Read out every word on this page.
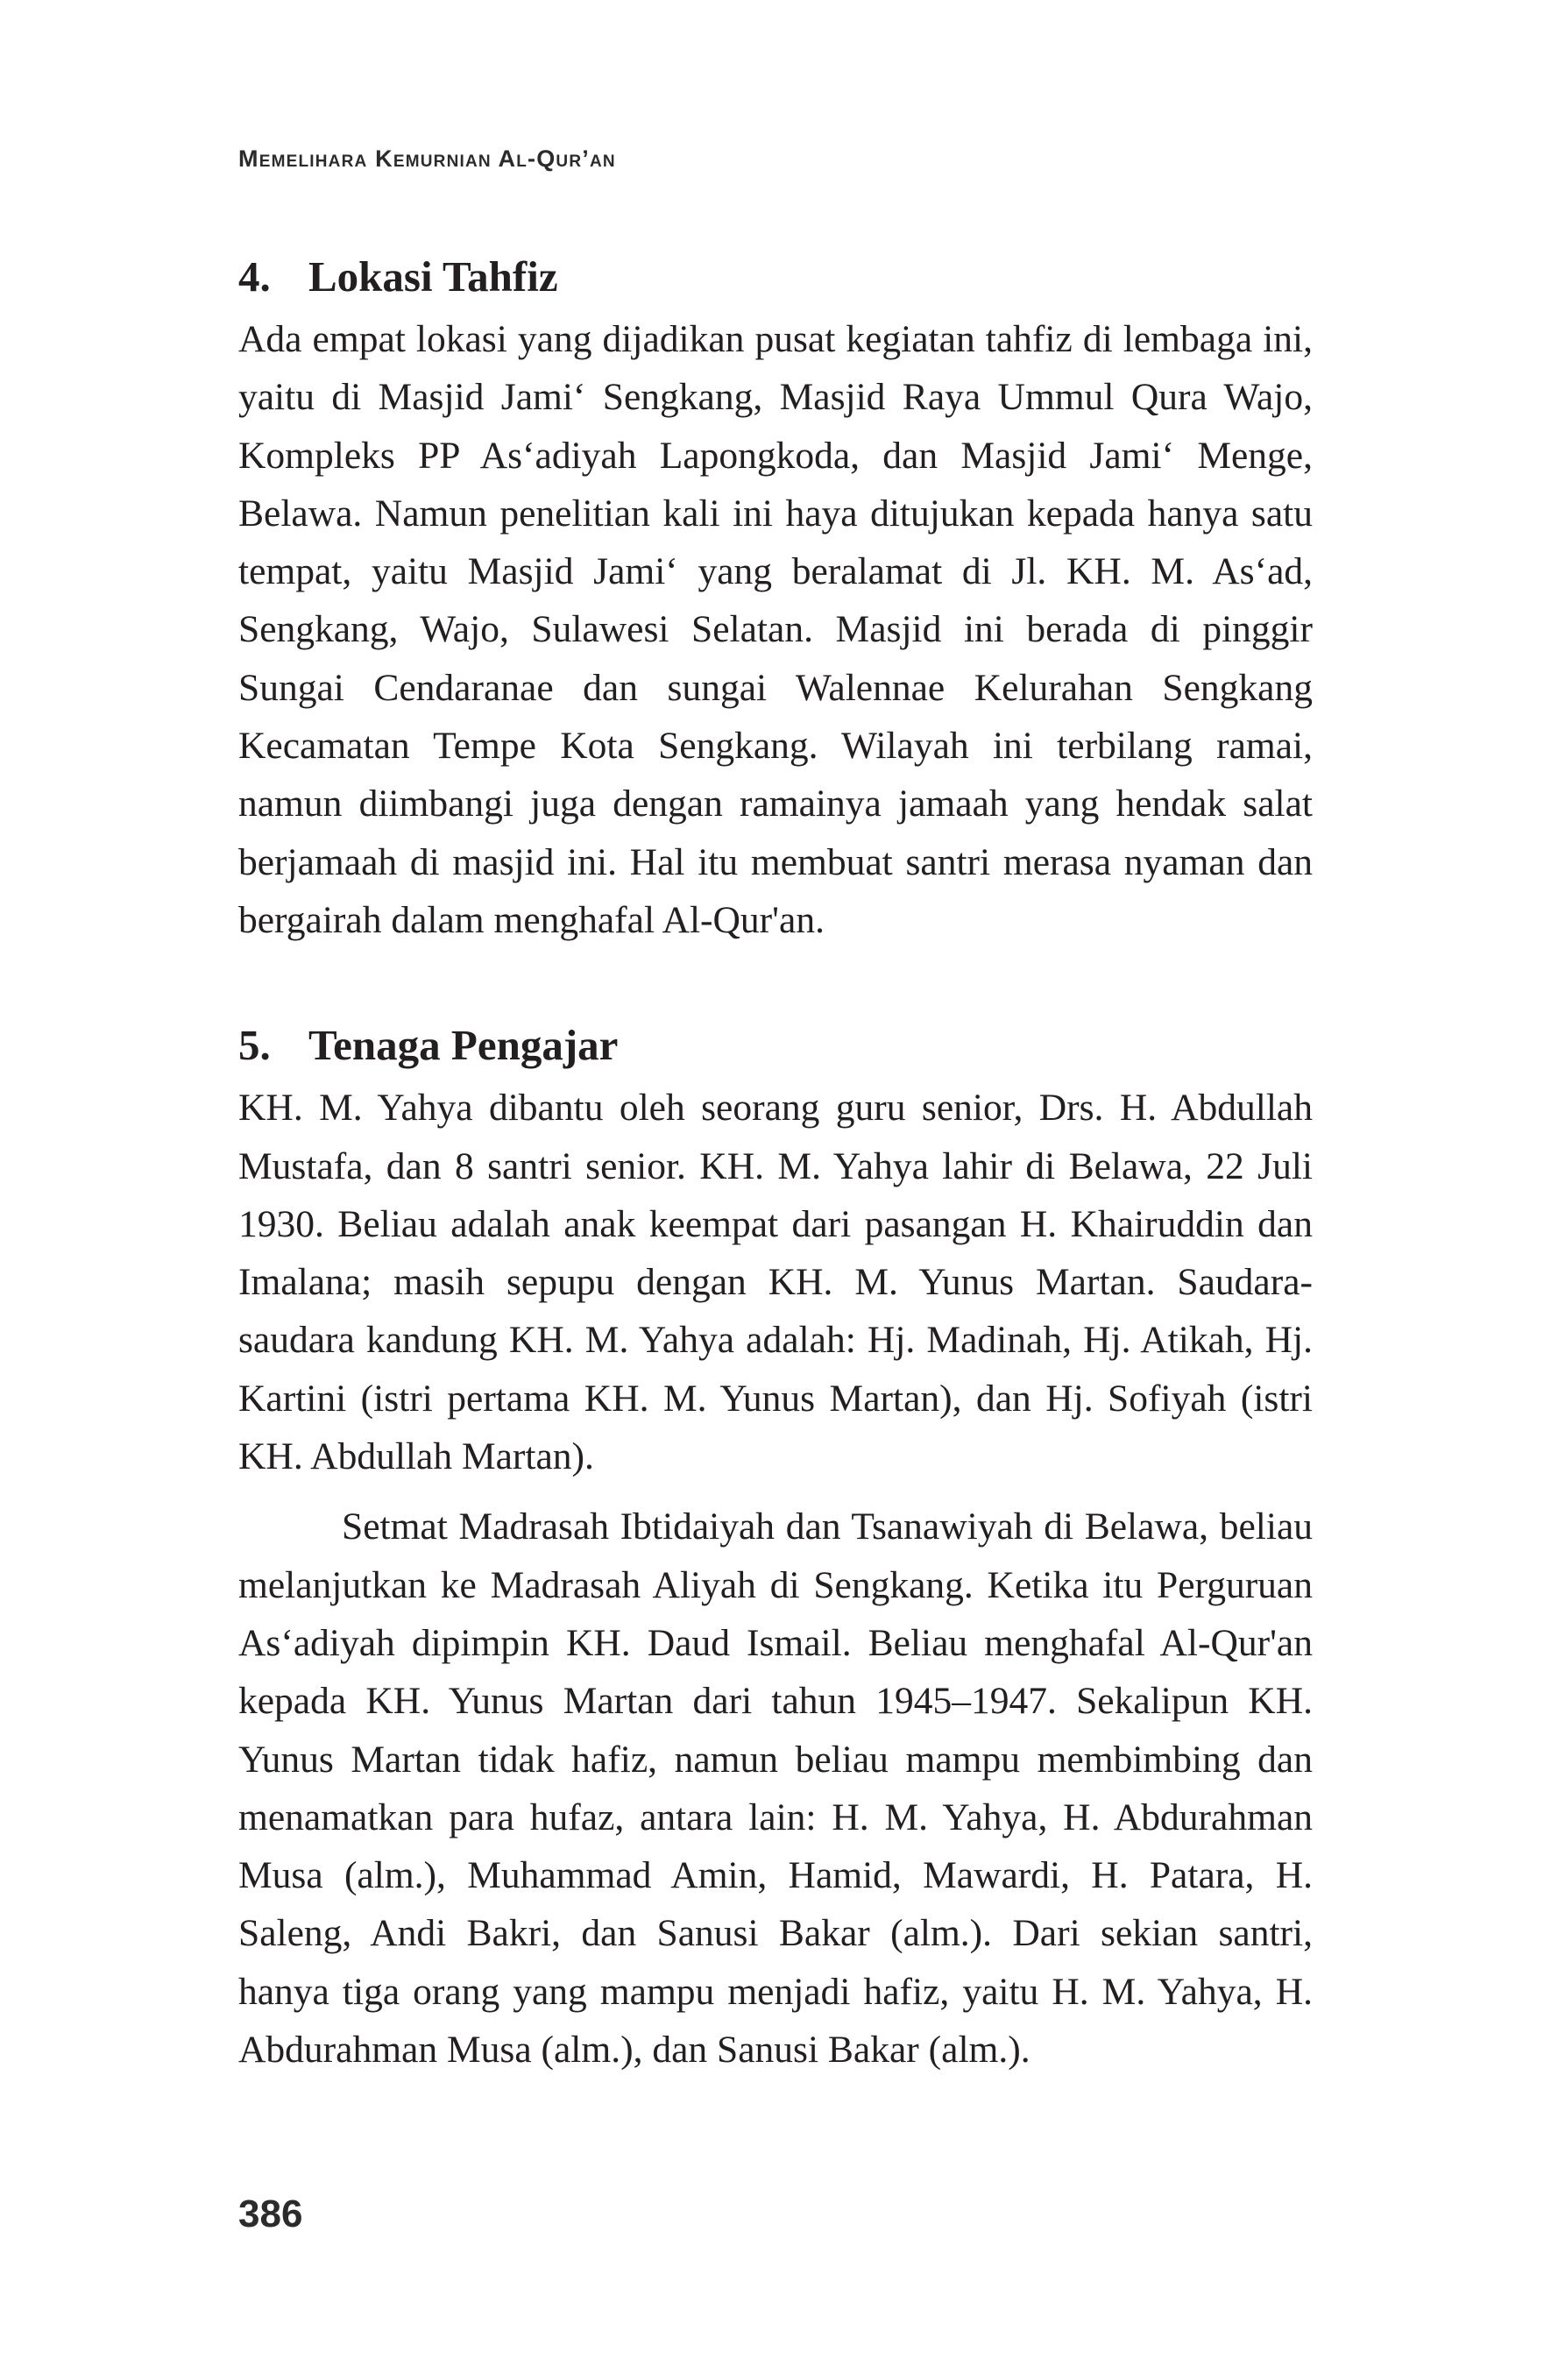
Memelihara Kemurnian Al-Qur’an
4. Lokasi Tahfiz

Ada empat lokasi yang dijadikan pusat kegiatan tahfiz di lembaga ini, yaitu di Masjid Jami‘ Sengkang, Masjid Raya Ummul Qura Wajo, Kompleks PP As‘adiyah Lapongkoda, dan Masjid Jami‘ Menge, Belawa. Namun penelitian kali ini haya ditujukan kepada hanya satu tempat, yaitu Masjid Jami‘ yang beralamat di Jl. KH. M. As‘ad, Sengkang, Wajo, Sulawesi Selatan. Masjid ini berada di pinggir Sungai Cendaranae dan sungai Walennae Kelurahan Sengkang Kecamatan Tempe Kota Sengkang. Wilayah ini terbilang ramai, namun diimbangi juga dengan ramainya jamaah yang hendak salat berjamaah di masjid ini. Hal itu membuat santri merasa nyaman dan bergairah dalam menghafal Al-Qur'an.

5. Tenaga Pengajar

KH. M. Yahya dibantu oleh seorang guru senior, Drs. H. Abdullah Mustafa, dan 8 santri senior. KH. M. Yahya lahir di Belawa, 22 Juli 1930. Beliau adalah anak keempat dari pasangan H. Khairuddin dan Imalana; masih sepupu dengan KH. M. Yunus Martan. Saudara-saudara kandung KH. M. Yahya adalah: Hj. Madinah, Hj. Atikah, Hj. Kartini (istri pertama KH. M. Yunus Martan), dan Hj. Sofiyah (istri KH. Abdullah Martan).

Setmat Madrasah Ibtidaiyah dan Tsanawiyah di Belawa, beliau melanjutkan ke Madrasah Aliyah di Sengkang. Ketika itu Perguruan As‘adiyah dipimpin KH. Daud Ismail. Beliau menghafal Al-Qur'an kepada KH. Yunus Martan dari tahun 1945–1947. Sekalipun KH. Yunus Martan tidak hafiz, namun beliau mampu membimbing dan menamatkan para hufaz, antara lain: H. M. Yahya, H. Abdurahman Musa (alm.), Muhammad Amin, Hamid, Mawardi, H. Patara, H. Saleng, Andi Bakri, dan Sanusi Bakar (alm.). Dari sekian santri, hanya tiga orang yang mampu menjadi hafiz, yaitu H. M. Yahya, H. Abdurahman Musa (alm.), dan Sanusi Bakar (alm.).

386
